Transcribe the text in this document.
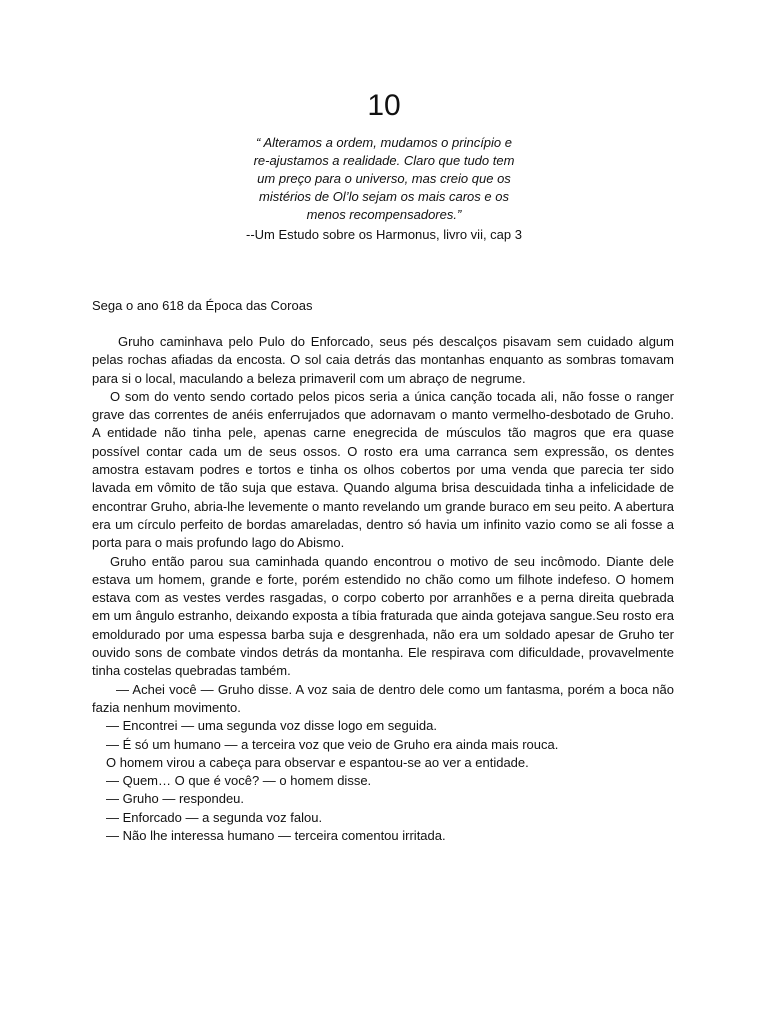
10
“ Alteramos a ordem, mudamos o princípio e
re-ajustamos a realidade. Claro que tudo tem
um preço para o universo, mas creio que os
mistérios de Ol’lo sejam os mais caros e os
menos recompensadores.”
--Um Estudo sobre os Harmonus, livro vii, cap 3
Sega o ano 618 da Época das Coroas

Gruho caminhava pelo Pulo do Enforcado, seus pés descalços pisavam sem cuidado algum pelas rochas afiadas da encosta. O sol caia detrás das montanhas enquanto as sombras tomavam para si o local, maculando a beleza primaveril com um abraço de negrume.

O som do vento sendo cortado pelos picos seria a única canção tocada ali, não fosse o ranger grave das correntes de anéis enferrujados que adornavam o manto vermelho-desbotado de Gruho. A entidade não tinha pele, apenas carne enegrecida de músculos tão magros que era quase possível contar cada um de seus ossos. O rosto era uma carranca sem expressão, os dentes amostra estavam podres e tortos e tinha os olhos cobertos por uma venda que parecia ter sido lavada em vômito de tão suja que estava. Quando alguma brisa descuidada tinha a infelicidade de encontrar Gruho, abria-lhe levemente o manto revelando um grande buraco em seu peito. A abertura era um círculo perfeito de bordas amareladas, dentro só havia um infinito vazio como se ali fosse a porta para o mais profundo lago do Abismo.

Gruho então parou sua caminhada quando encontrou o motivo de seu incômodo. Diante dele estava um homem, grande e forte, porém estendido no chão como um filhote indefeso. O homem estava com as vestes verdes rasgadas, o corpo coberto por arranhões e a perna direita quebrada em um ângulo estranho, deixando exposta a tíbia fraturada que ainda gotejava sangue.Seu rosto era emoldurado por uma espessa barba suja e desgrenhada, não era um soldado apesar de Gruho ter ouvido sons de combate vindos detrás da montanha. Ele respirava com dificuldade, provavelmente tinha costelas quebradas também.

— Achei você — Gruho disse. A voz saia de dentro dele como um fantasma, porém a boca não fazia nenhum movimento.

— Encontrei — uma segunda voz disse logo em seguida.

— É só um humano — a terceira voz que veio de Gruho era ainda mais rouca.

O homem virou a cabeça para observar e espantou-se ao ver a entidade.

— Quem… O que é você? — o homem disse.

— Gruho — respondeu.

— Enforcado — a segunda voz falou.

— Não lhe interessa humano — terceira comentou irritada.
